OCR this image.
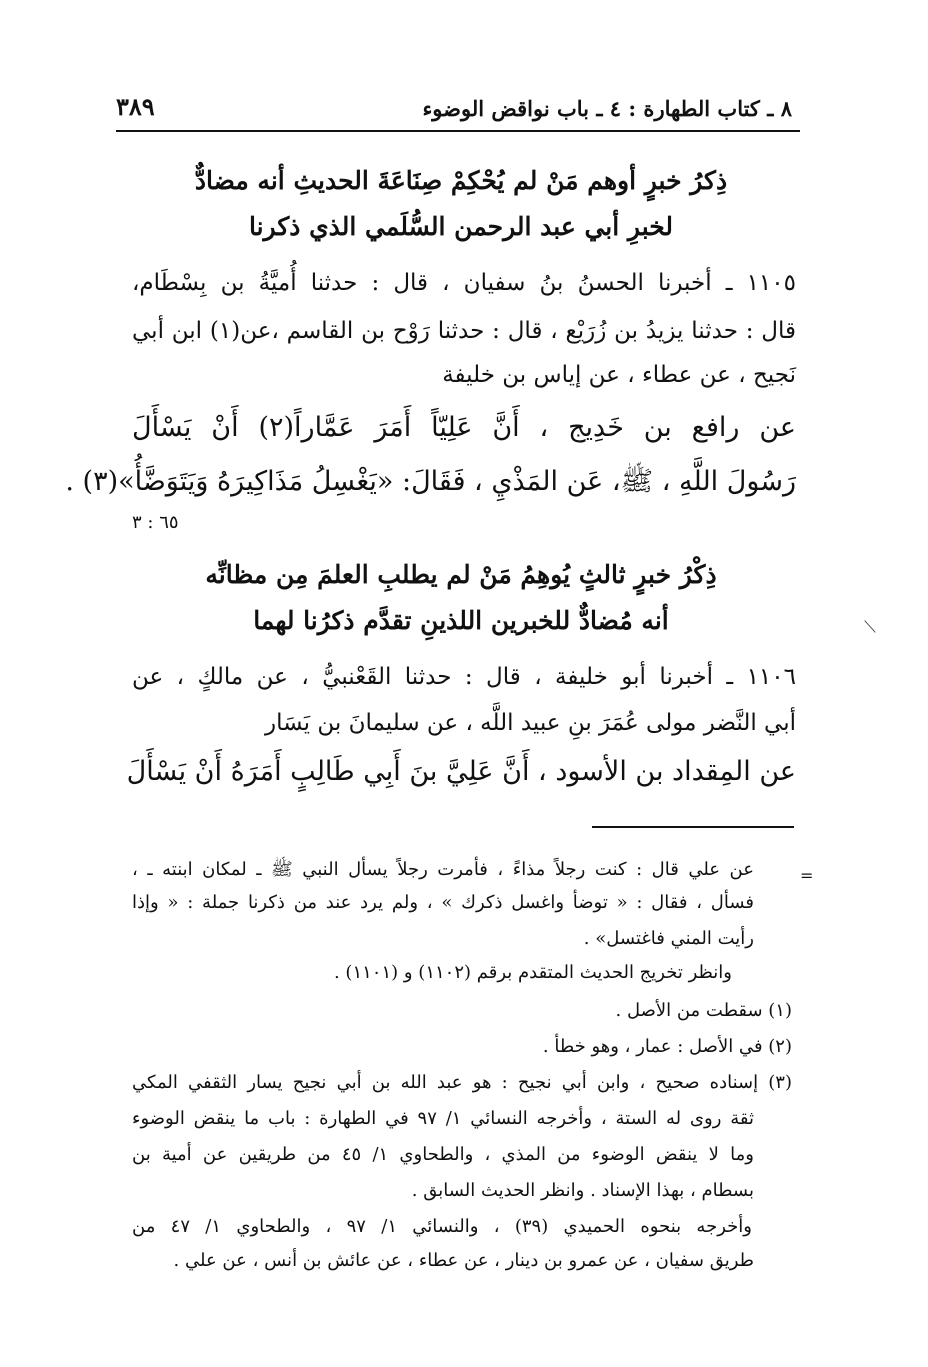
٨ ـ كتاب الطهارة : ٤ ـ باب نواقض الوضوء
٣٨٩
ذِكرُ خبرٍ أوهم مَنْ لم يُحْكِمْ صِنَاعَةَ الحديثِ أنه مضادٌّ
لخبرِ أبي عبد الرحمن السُّلَمي الذي ذكرنا
١١٠٥ ـ أخبرنا الحسنُ بنُ سفيان ، قال : حدثنا أُميَّةُ بن بِسْطَام،
قال : حدثنا يزيدُ بن زُرَيْع ، قال : حدثنا رَوْح بن القاسم ،عن(١) ابن أبي
نَجيح ، عن عطاء ، عن إياس بن خليفة
عن رافع بن خَدِيج ، أَنَّ عَلِيّاً أَمَرَ عَمَّاراً(٢) أَنْ يَسْأَلَ
رَسُولَ اللَّهِ ، ﷺ، عَن المَذْيِ ، فَقَالَ: «يَغْسِلُ مَذَاكِيرَهُ وَيَتَوَضَّأُ»(٣) .
٦٥ : ٣
ذِكْرُ خبرٍ ثالثٍ يُوهِمُ مَنْ لم يطلبِ العلمَ مِن مظانِّه
أنه مُضادٌّ للخبرين اللذينِ تقدَّم ذكرُنا لهما
١١٠٦ ـ أخبرنا أبو خليفة ، قال : حدثنا القَعْنبيُّ ، عن مالكٍ ، عن
أبي النَّضر مولى عُمَرَ بنِ عبيد اللَّه ، عن سليمانَ بن يَسَار
عن المِقداد بن الأسود ، أَنَّ عَلِيَّ بنَ أَبِي طَالِبٍ أَمَرَهُ أَنْ يَسْأَلَ
=
عن علي قال : كنت رجلاً مذاءً ، فأمرت رجلاً يسأل النبي ﷺ ـ لمكان ابنته ـ ،
فسأل ، فقال : « توضأ واغسل ذكرك » ، ولم يرد عند من ذكرنا جملة : « وإذا
رأيت المني فاغتسل» .
وانظر تخريج الحديث المتقدم برقم (١١٠٢) و (١١٠١) .
(١) سقطت من الأصل .
(٢) في الأصل : عمار ، وهو خطأ .
(٣) إسناده صحيح ، وابن أبي نجيح : هو عبد الله بن أبي نجيح يسار الثقفي المكي
ثقة روى له الستة ، وأخرجه النسائي ١/ ٩٧ في الطهارة : باب ما ينقض الوضوء
وما لا ينقض الوضوء من المذي ، والطحاوي ١/ ٤٥ من طريقين عن أمية بن
بسطام ، بهذا الإسناد . وانظر الحديث السابق .
وأخرجه بنحوه الحميدي (٣٩) ، والنسائي ١/ ٩٧ ، والطحاوي ١/ ٤٧ من
طريق سفيان ، عن عمرو بن دينار ، عن عطاء ، عن عائش بن أنس ، عن علي .
